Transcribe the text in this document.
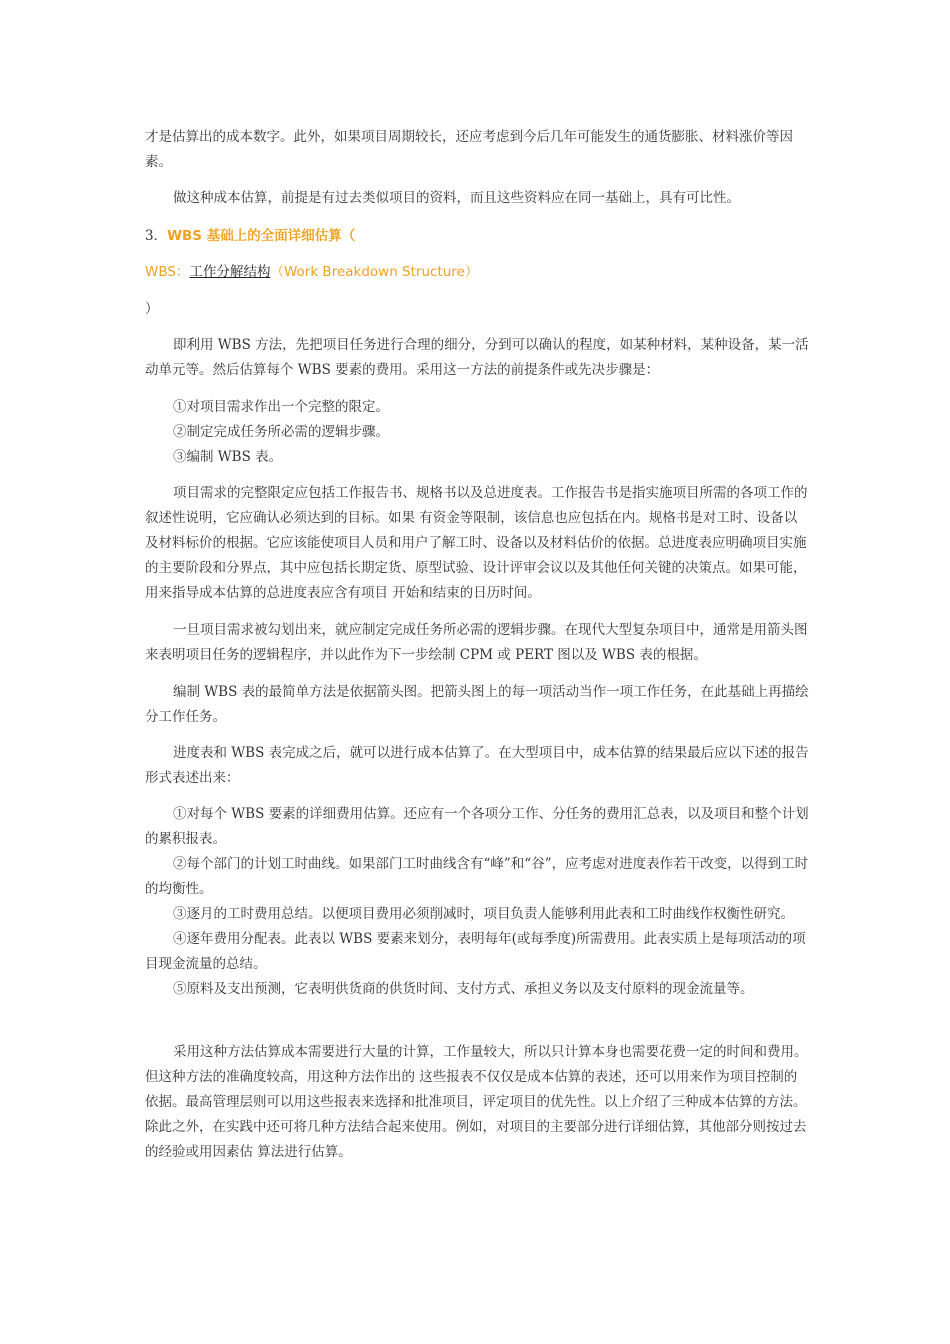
才是估算出的成本数字。此外，如果项目周期较长，还应考虑到今后几年可能发生的通货膨胀、材料涨价等因素。

做这种成本估算，前提是有过去类似项目的资料，而且这些资料应在同一基础上，具有可比性。

3．WBS 基础上的全面详细估算（
WBS：工作分解结构（Work Breakdown Structure）

）

即利用 WBS 方法，先把项目任务进行合理的细分，分到可以确认的程度，如某种材料，某种设备，某一活动单元等。然后估算每个 WBS 要素的费用。采用这一方法的前提条件或先决步骤是：

①对项目需求作出一个完整的限定。

②制定完成任务所必需的逻辑步骤。

③编制 WBS 表。

项目需求的完整限定应包括工作报告书、规格书以及总进度表。工作报告书是指实施项目所需的各项工作的叙述性说明，它应确认必须达到的目标。如果 有资金等限制，该信息也应包括在内。规格书是对工时、设备以及材料标价的根据。它应该能使项目人员和用户了解工时、设备以及材料估价的依据。总进度表应明确项目实施的主要阶段和分界点，其中应包括长期定货、原型试验、设计评审会议以及其他任何关键的决策点。如果可能，用来指导成本估算的总进度表应含有项目 开始和结束的日历时间。

一旦项目需求被勾划出来，就应制定完成任务所必需的逻辑步骤。在现代大型复杂项目中，通常是用箭头图来表明项目任务的逻辑程序，并以此作为下一步绘制 CPM 或 PERT 图以及 WBS 表的根据。

编制 WBS 表的最简单方法是依据箭头图。把箭头图上的每一项活动当作一项工作任务，在此基础上再描绘分工作任务。

进度表和 WBS 表完成之后，就可以进行成本估算了。在大型项目中，成本估算的结果最后应以下述的报告形式表述出来：

①对每个 WBS 要素的详细费用估算。还应有一个各项分工作、分任务的费用汇总表，以及项目和整个计划的累积报表。

②每个部门的计划工时曲线。如果部门工时曲线含有“峰”和“谷”，应考虑对进度表作若干改变，以得到工时的均衡性。

③逐月的工时费用总结。以便项目费用必须削减时，项目负责人能够利用此表和工时曲线作权衡性研究。

④逐年费用分配表。此表以 WBS 要素来划分，表明每年(或每季度)所需费用。此表实质上是每项活动的项目现金流量的总结。

⑤原料及支出预测，它表明供货商的供货时间、支付方式、承担义务以及支付原料的现金流量等。

采用这种方法估算成本需要进行大量的计算，工作量较大，所以只计算本身也需要花费一定的时间和费用。但这种方法的准确度较高，用这种方法作出的 这些报表不仅仅是成本估算的表述，还可以用来作为项目控制的依据。最高管理层则可以用这些报表来选择和批准项目，评定项目的优先性。以上介绍了三种成本估算的方法。除此之外，在实践中还可将几种方法结合起来使用。例如，对项目的主要部分进行详细估算，其他部分则按过去的经验或用因素估 算法进行估算。
